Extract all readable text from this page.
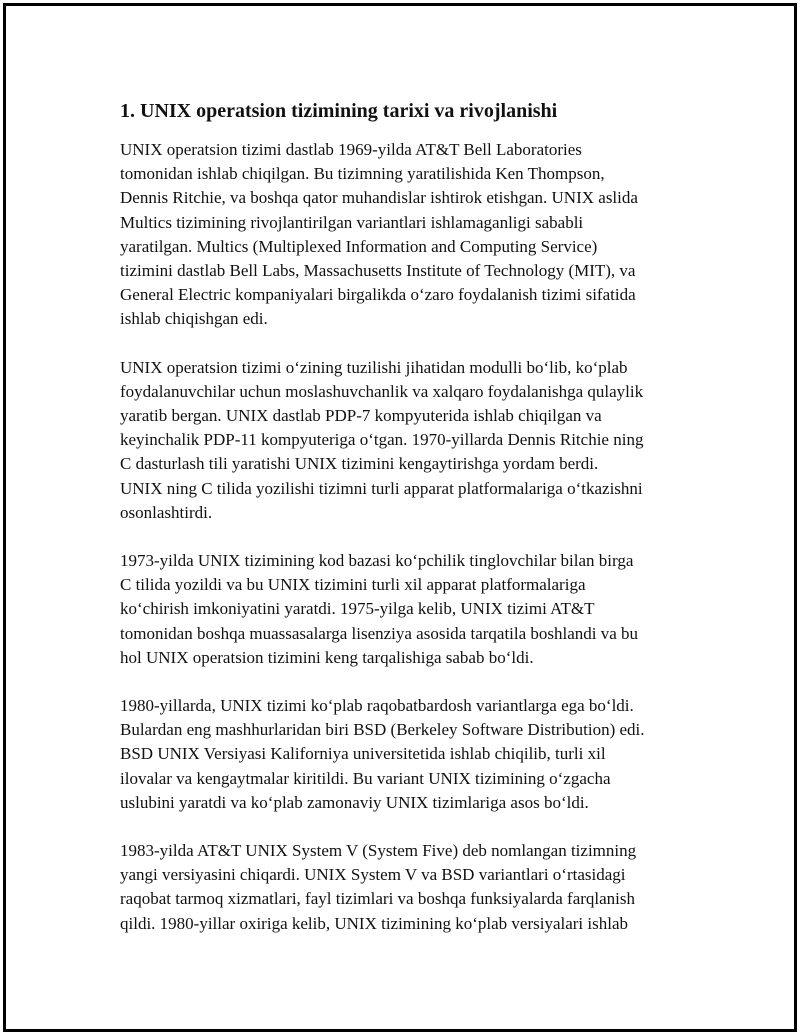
1. UNIX operatsion tizimining tarixi va rivojlanishi

UNIX operatsion tizimi dastlab 1969-yilda AT&T Bell Laboratories
tomonidan ishlab chiqilgan. Bu tizimning yaratilishida Ken Thompson,
Dennis Ritchie, va boshqa qator muhandislar ishtirok etishgan. UNIX aslida
Multics tizimining rivojlantirilgan variantlari ishlamaganligi sababli
yaratilgan. Multics (Multiplexed Information and Computing Service)
tizimini dastlab Bell Labs, Massachusetts Institute of Technology (MIT), va
General Electric kompaniyalari birgalikda o‘zaro foydalanish tizimi sifatida
ishlab chiqishgan edi.

UNIX operatsion tizimi o‘zining tuzilishi jihatidan modulli bo‘lib, ko‘plab
foydalanuvchilar uchun moslashuvchanlik va xalqaro foydalanishga qulaylik
yaratib bergan. UNIX dastlab PDP-7 kompyuterida ishlab chiqilgan va
keyinchalik PDP-11 kompyuteriga o‘tgan. 1970-yillarda Dennis Ritchie ning
C dasturlash tili yaratishi UNIX tizimini kengaytirishga yordam berdi.
UNIX ning C tilida yozilishi tizimni turli apparat platformalariga o‘tkazishni
osonlashtirdi.

1973-yilda UNIX tizimining kod bazasi ko‘pchilik tinglovchilar bilan birga
C tilida yozildi va bu UNIX tizimini turli xil apparat platformalariga
ko‘chirish imkoniyatini yaratdi. 1975-yilga kelib, UNIX tizimi AT&T
tomonidan boshqa muassasalarga lisenziya asosida tarqatila boshlandi va bu
hol UNIX operatsion tizimini keng tarqalishiga sabab bo‘ldi.

1980-yillarda, UNIX tizimi ko‘plab raqobatbardosh variantlarga ega bo‘ldi.
Bulardan eng mashhurlaridan biri BSD (Berkeley Software Distribution) edi.
BSD UNIX Versiyasi Kaliforniya universitetida ishlab chiqilib, turli xil
ilovalar va kengaytmalar kiritildi. Bu variant UNIX tizimining o‘zgacha
uslubini yaratdi va ko‘plab zamonaviy UNIX tizimlariga asos bo‘ldi.

1983-yilda AT&T UNIX System V (System Five) deb nomlangan tizimning
yangi versiyasini chiqardi. UNIX System V va BSD variantlari o‘rtasidagi
raqobat tarmoq xizmatlari, fayl tizimlari va boshqa funksiyalarda farqlanish
qildi. 1980-yillar oxiriga kelib, UNIX tizimining ko‘plab versiyalari ishlab
